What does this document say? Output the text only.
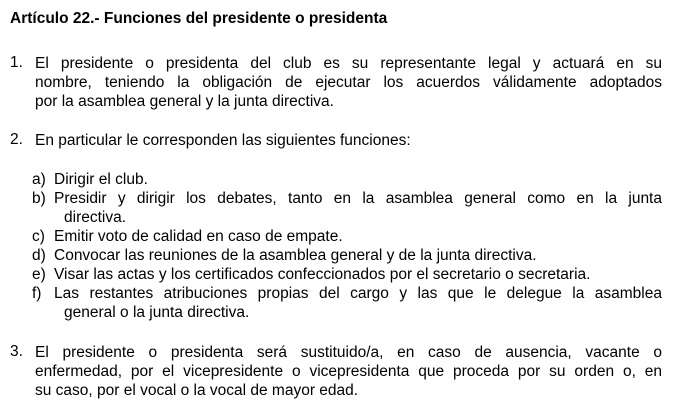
Artículo 22.- Funciones del presidente o presidenta
1. El presidente o presidenta del club es su representante legal y actuará en su
nombre, teniendo la obligación de ejecutar los acuerdos válidamente adoptados
por la asamblea general y la junta directiva.
2. En particular le corresponden las siguientes funciones:
a) Dirigir el club.
b) Presidir y dirigir los debates, tanto en la asamblea general como en la junta
directiva.
c) Emitir voto de calidad en caso de empate.
d) Convocar las reuniones de la asamblea general y de la junta directiva.
e) Visar las actas y los certificados confeccionados por el secretario o secretaria.
f) Las restantes atribuciones propias del cargo y las que le delegue la asamblea
general o la junta directiva.
3. El presidente o presidenta será sustituido/a, en caso de ausencia, vacante o
enfermedad, por el vicepresidente o vicepresidenta que proceda por su orden o, en
su caso, por el vocal o la vocal de mayor edad.
